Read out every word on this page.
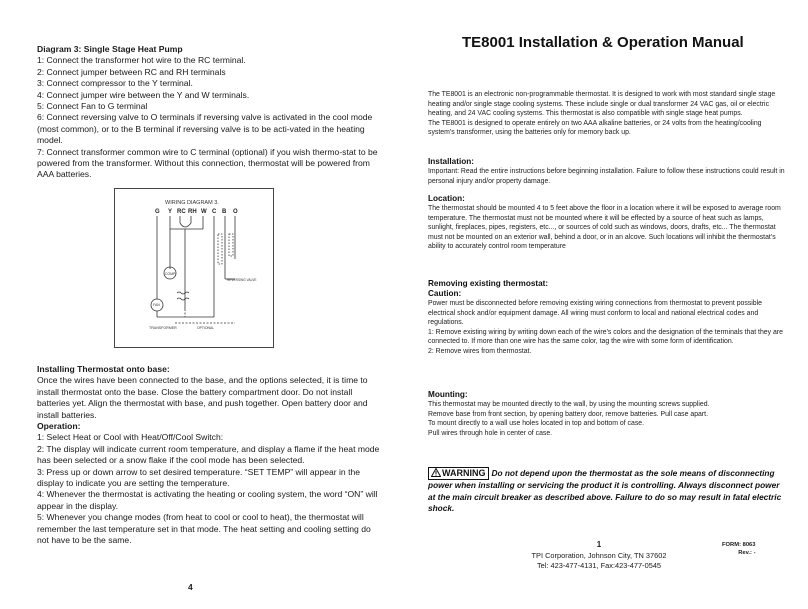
Diagram 3: Single Stage Heat Pump

1: Connect the transformer hot wire to the RC terminal.

2: Connect jumper between RC and RH terminals

3: Connect compressor to the Y terminal.

4: Connect jumper wire between the Y and W terminals.

5: Connect Fan to G terminal

6: Connect reversing valve to O terminals if reversing valve is activated in the cool mode (most common), or to the B terminal if reversing valve is to be acti-vated in the heating model.

7: Connect transformer common wire to C terminal (optional) if you wish thermo-stat to be powered from the transformer. Without this connection, thermostat will be powered from AAA batteries.

WIRING DIAGRAM 3.
G Y RC RH W C B O
COMP
FAN
TRANSFORMER	OPTIONAL
REVERSING VALVE

Installing Thermostat onto base:

Once the wires have been connected to the base, and the options selected, it is time to install thermostat onto the base. Close the battery compartment door. Do not install batteries yet. Align the thermostat with base, and push together. Open battery door and install batteries.

Operation:

1: Select Heat or Cool with Heat/Off/Cool Switch:

2: The display will indicate current room temperature, and display a flame if the heat mode has been selected or a snow flake if the cool mode has been selected.

3: Press up or down arrow to set desired temperature. “SET TEMP” will appear in the display to indicate you are setting the temperature.

4: Whenever the thermostat is activating the heating or cooling system, the word “ON” will appear in the display.

5: Whenever you change modes (from heat to cool or cool to heat), the thermostat will remember the last temperature set in that mode. The heat setting and cooling setting do not have to be the same.

4
TE8001 Installation & Operation Manual

The TE8001 is an electronic non-programmable thermostat. It is designed to work with most standard single stage heating and/or single stage cooling systems. These include single or dual transformer 24 VAC gas, oil or electric heating, and 24 VAC cooling systems. This thermostat is also compatible with single stage heat pumps.

The TE8001 is designed to operate entirely on two AAA alkaline batteries, or 24 volts from the heating/cooling system’s transformer, using the batteries only for memory back up.

Installation:

Important: Read the entire instructions before beginning installation. Failure to follow these instructions could result in personal injury and/or property damage.

Location:

The thermostat should be mounted 4 to 5 feet above the floor in a location where it will be exposed to average room temperature. The thermostat must not be mounted where it will be effected by a source of heat such as lamps, sunlight, fireplaces, pipes, registers, etc..., or sources of cold such as windows, doors, drafts, etc... The thermostat must not be mounted on an exterior wall, behind a door, or in an alcove. Such locations will inhibit the thermostat’s ability to accurately control room temperature

Removing existing thermostat:

Caution:

Power must be disconnected before removing existing wiring connections from thermostat to prevent possible electrical shock and/or equipment damage. All wiring must conform to local and national electrical codes and regulations.

1: Remove existing wiring by writing down each of the wire’s colors and the designation of the terminals that they are connected to. If more than one wire has the same color, tag the wire with some form of identification.

2: Remove wires from thermostat.

Mounting:

This thermostat may be mounted directly to the wall, by using the mounting screws supplied.

Remove base from front section, by opening battery door, remove batteries. Pull case apart.

To mount directly to a wall use holes located in top and bottom of case.

Pull wires through hole in center of case.

WARNING Do not depend upon the thermostat as the sole means of disconnecting power when installing or servicing the product it is controlling. Always disconnect power at the main circuit breaker as described above. Failure to do so may result in fatal electric shock.
1
TPI Corporation, Johnson City, TN 37602
Tel: 423-477-4131, Fax:423-477-0545
FORM: 8063
Rev.: -
